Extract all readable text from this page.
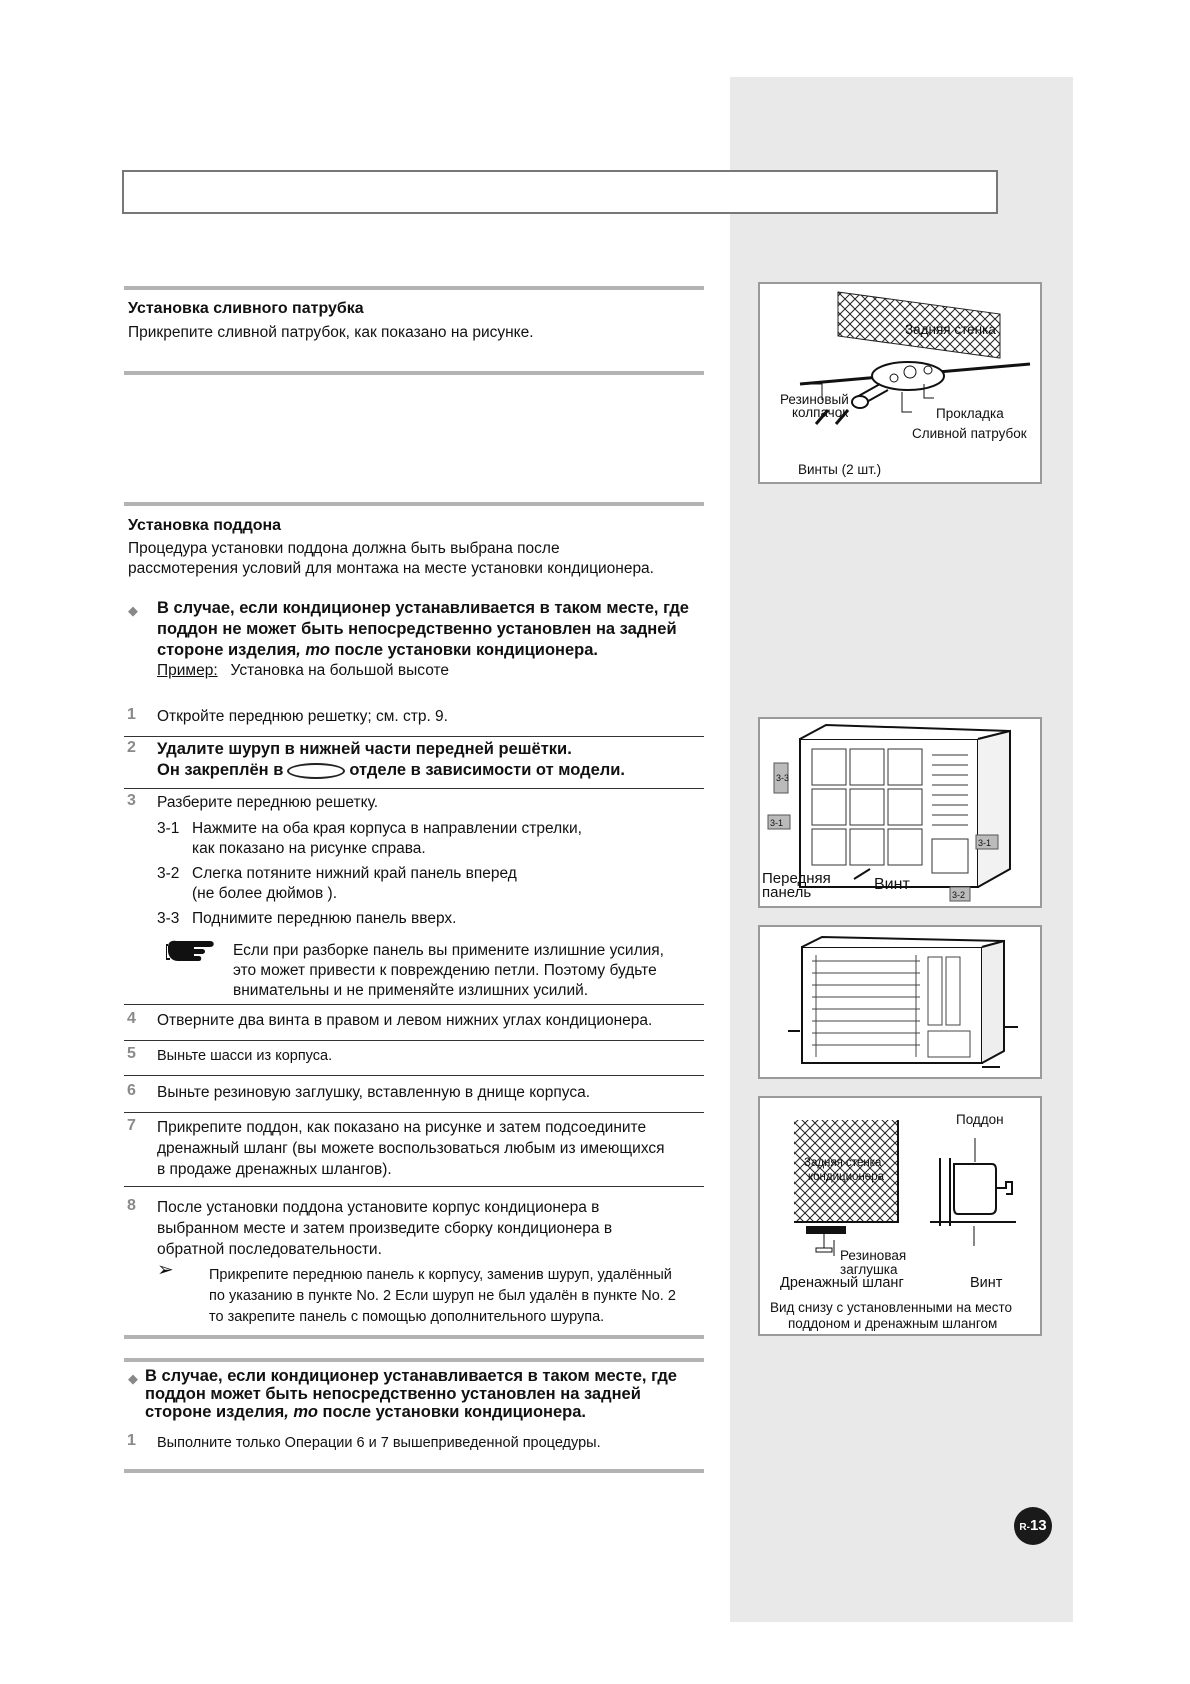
Установка сливного патрубка
Прикрепите сливной патрубок, как показано на рисунке.
Установка поддона
Процедура установки поддона должна быть выбрана после
рассмотерения условий для монтажа на месте установки кондиционера.
◆ В случае, если кондиционер устанавливается в таком месте, где
поддон не может быть непосредственно установлен на задней
стороне изделия, то после установки кондиционера.
Пример: Установка на большой высоте
1 Откройте переднюю решетку; см. стр. 9.
2 Удалите шуруп в нижней части передней решётки.
Он закреплён в	отделе в зависимости от модели.
3 Разберите переднюю решетку.
3-1 Нажмите на оба края корпуса в направлении стрелки,
как показано на рисунке справа.
3-2 Слегка потяните нижний край панель вперед
(не более дюймов ).
3-3 Поднимите переднюю панель вверх.
Если при разборке панель вы примените излишние усилия,
это может привести к повреждению петли. Поэтому будьте
внимательны и не применяйте излишних усилий.
4 Отверните два винта в правом и левом нижних углах кондиционера.
5 Выньте шасси из корпуса.
6 Выньте резиновую заглушку, вставленную в днище корпуса.
7 Прикрепите поддон, как показано на рисунке и затем подсоедините
дренажный шланг (вы можете воспользоваться любым из имеющихся
в продаже дренажных шлангов).
8 После установки поддона установите корпус кондиционера в
выбранном месте и затем произведите сборку кондиционера в
обратной последовательности.
➢ Прикрепите переднюю панель к корпусу, заменив шуруп, удалённый
по указанию в пункте No. 2 Если шуруп не был удалён в пункте No. 2
то закрепите панель с помощью дополнительного шурупа.
◆ В случае, если кондиционер устанавливается в таком месте, где
поддон может быть непосредственно установлен на задней
стороне изделия, то после установки кондиционера.
1 Выполните только Операции 6 и 7 вышеприведенной процедуры.
Задняя стенка
Резиновый
колпачок	Прокладка
Сливной патрубок
Винты (2 шт.)
3-3
3-1
3-1
3-2
Передняя
панель	Винт
Поддон
Задняя стенка
кондиционера
Резиновая
заглушка
Дренажный шланг	Винт
Вид снизу с установленными на место
поддоном и дренажным шлангом
R-13
